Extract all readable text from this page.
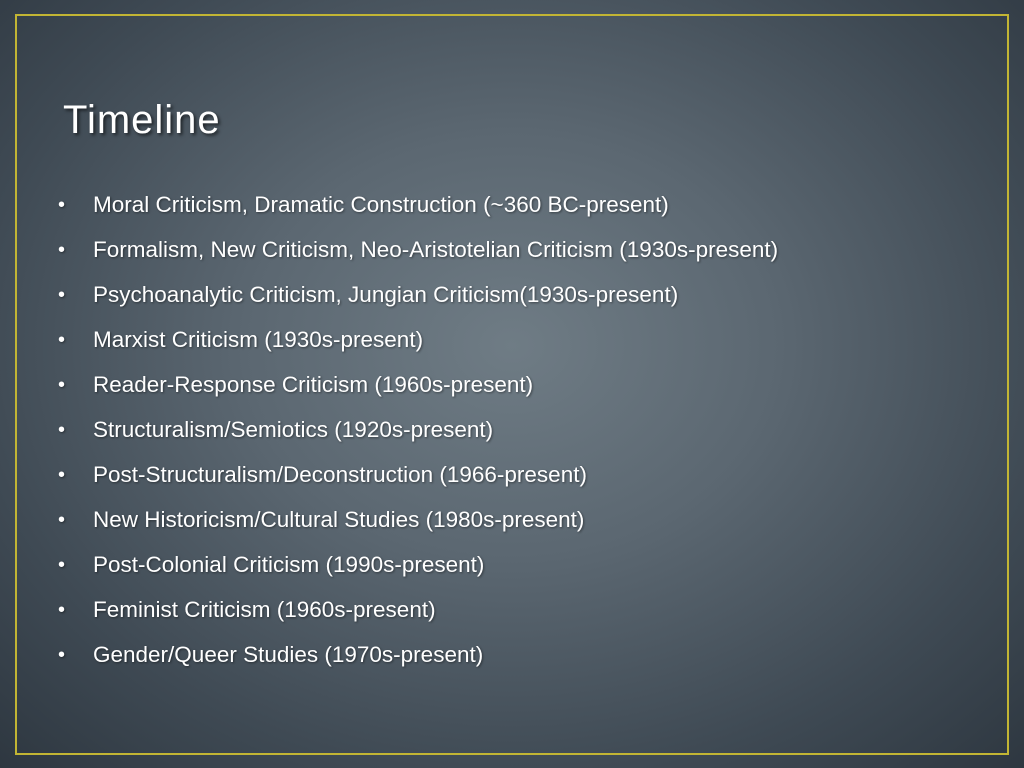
Timeline
• Moral Criticism, Dramatic Construction (~360 BC-present)
• Formalism, New Criticism, Neo-Aristotelian Criticism (1930s-present)
• Psychoanalytic Criticism, Jungian Criticism(1930s-present)
• Marxist Criticism (1930s-present)
• Reader-Response Criticism (1960s-present)
• Structuralism/Semiotics (1920s-present)
• Post-Structuralism/Deconstruction (1966-present)
• New Historicism/Cultural Studies (1980s-present)
• Post-Colonial Criticism (1990s-present)
• Feminist Criticism (1960s-present)
• Gender/Queer Studies (1970s-present)
